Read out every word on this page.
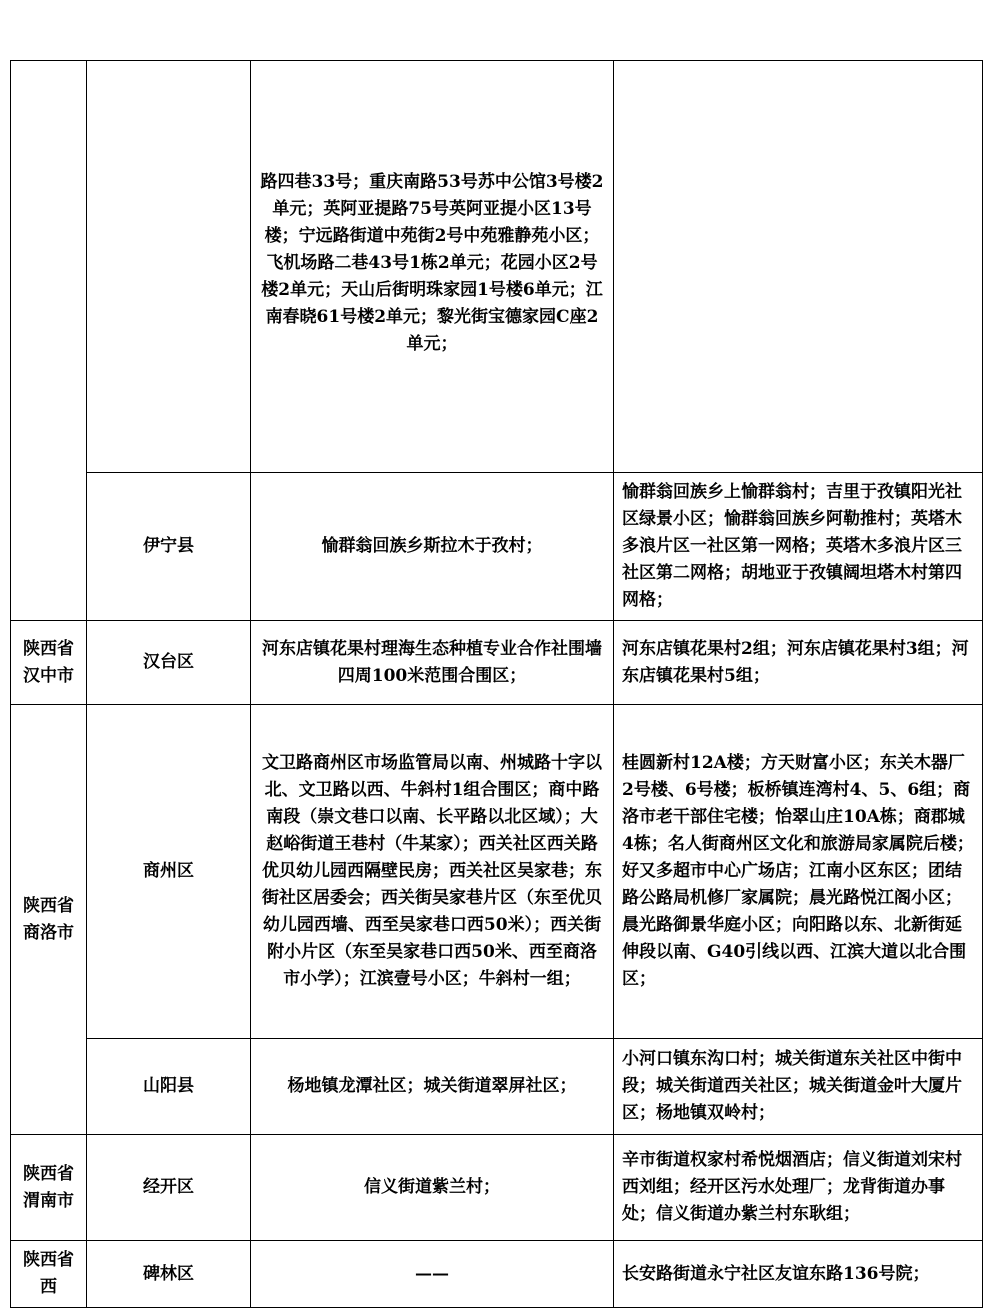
		路四巷33号；重庆南路53号苏中公馆3号楼2单元；英阿亚提路75号英阿亚提小区13号楼；宁远路街道中苑街2号中苑雅静苑小区；飞机场路二巷43号1栋2单元；花园小区2号楼2单元；天山后街明珠家园1号楼6单元；江南春晓61号楼2单元；黎光街宝德家园C座2单元；	

	伊宁县	愉群翁回族乡斯拉木于孜村；	愉群翁回族乡上愉群翁村；吉里于孜镇阳光社区绿景小区；愉群翁回族乡阿勒推村；英塔木多浪片区一社区第一网格；英塔木多浪片区三社区第二网格；胡地亚于孜镇阔坦塔木村第四网格；

陕西省汉中市	汉台区	河东店镇花果村理海生态种植专业合作社围墙四周100米范围合围区；	河东店镇花果村2组；河东店镇花果村3组；河东店镇花果村5组；

陕西省商洛市	商州区	文卫路商州区市场监管局以南、州城路十字以北、文卫路以西、牛斜村1组合围区；商中路南段（崇文巷口以南、长平路以北区域）；大赵峪街道王巷村（牛某家）；西关社区西关路优贝幼儿园西隔壁民房；西关社区吴家巷；东街社区居委会；西关街吴家巷片区（东至优贝幼儿园西墙、西至吴家巷口西50米）；西关街附小片区（东至吴家巷口西50米、西至商洛市小学）；江滨壹号小区；牛斜村一组；	桂圆新村12A楼；方天财富小区；东关木器厂2号楼、6号楼；板桥镇连湾村4、5、6组；商洛市老干部住宅楼；怡翠山庄10A栋；商郡城4栋；名人街商州区文化和旅游局家属院后楼；好又多超市中心广场店；江南小区东区；团结路公路局机修厂家属院；晨光路悦江阁小区；晨光路御景华庭小区；向阳路以东、北新街延伸段以南、G40引线以西、江滨大道以北合围区；

	山阳县	杨地镇龙潭社区；城关街道翠屏社区；	小河口镇东沟口村；城关街道东关社区中街中段；城关街道西关社区；城关街道金叶大厦片区；杨地镇双岭村；

陕西省渭南市	经开区	信义街道紫兰村；	辛市街道权家村希悦烟酒店；信义街道刘宋村西刘组；经开区污水处理厂；龙背街道办事处；信义街道办紫兰村东耿组；

陕西省西	碑林区	——	长安路街道永宁社区友谊东路136号院；
